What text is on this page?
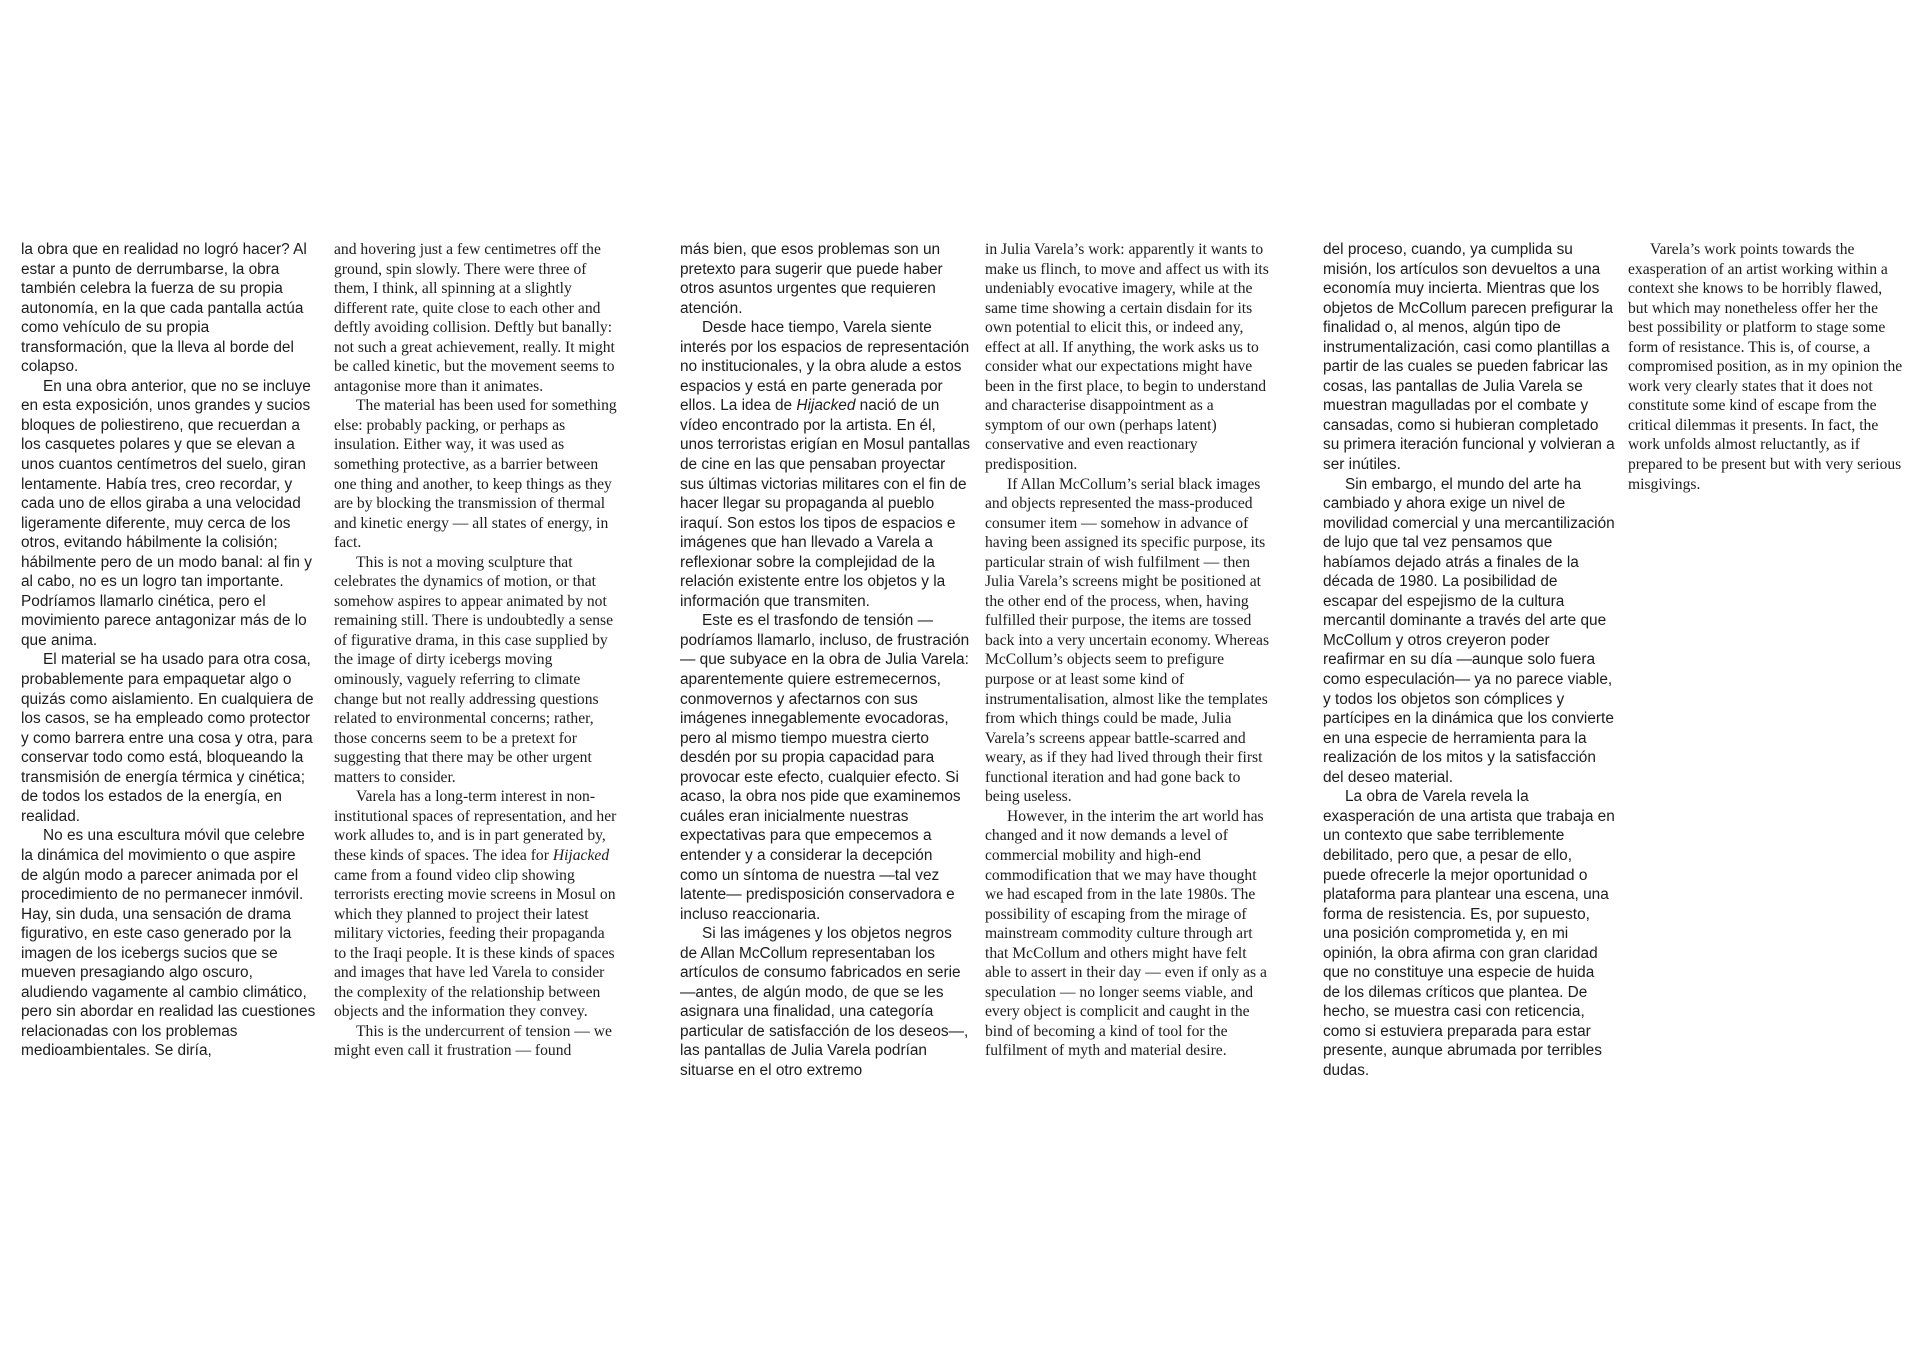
la obra que en realidad no logró hacer? Al estar a punto de derrumbarse, la obra también celebra la fuerza de su propia autonomía, en la que cada pantalla actúa como vehículo de su propia transformación, que la lleva al borde del colapso.

En una obra anterior, que no se incluye en esta exposición, unos grandes y sucios bloques de poliestireno, que recuerdan a los casquetes polares y que se elevan a unos cuantos centímetros del suelo, giran lentamente. Había tres, creo recordar, y cada uno de ellos giraba a una velocidad ligeramente diferente, muy cerca de los otros, evitando hábilmente la colisión; hábilmente pero de un modo banal: al fin y al cabo, no es un logro tan importante. Podríamos llamarlo cinética, pero el movimiento parece antagonizar más de lo que anima.

El material se ha usado para otra cosa, probablemente para empaquetar algo o quizás como aislamiento. En cualquiera de los casos, se ha empleado como protector y como barrera entre una cosa y otra, para conservar todo como está, bloqueando la transmisión de energía térmica y cinética; de todos los estados de la energía, en realidad.

No es una escultura móvil que celebre la dinámica del movimiento o que aspire de algún modo a parecer animada por el procedimiento de no permanecer inmóvil. Hay, sin duda, una sensación de drama figurativo, en este caso generado por la imagen de los icebergs sucios que se mueven presagiando algo oscuro, aludiendo vagamente al cambio climático, pero sin abordar en realidad las cuestiones relacionadas con los problemas medioambientales. Se diría,

and hovering just a few centimetres off the ground, spin slowly. There were three of them, I think, all spinning at a slightly different rate, quite close to each other and deftly avoiding collision. Deftly but banally: not such a great achievement, really. It might be called kinetic, but the movement seems to antagonise more than it animates.

The material has been used for something else: probably packing, or perhaps as insulation. Either way, it was used as something protective, as a barrier between one thing and another, to keep things as they are by blocking the transmission of thermal and kinetic energy — all states of energy, in fact.

This is not a moving sculpture that celebrates the dynamics of motion, or that somehow aspires to appear animated by not remaining still. There is undoubtedly a sense of figurative drama, in this case supplied by the image of dirty icebergs moving ominously, vaguely referring to climate change but not really addressing questions related to environmental concerns; rather, those concerns seem to be a pretext for suggesting that there may be other urgent matters to consider.

Varela has a long-term interest in non-institutional spaces of representation, and her work alludes to, and is in part generated by, these kinds of spaces. The idea for Hijacked came from a found video clip showing terrorists erecting movie screens in Mosul on which they planned to project their latest military victories, feeding their propaganda to the Iraqi people. It is these kinds of spaces and images that have led Varela to consider the complexity of the relationship between objects and the information they convey.

This is the undercurrent of tension — we might even call it frustration — found

más bien, que esos problemas son un pretexto para sugerir que puede haber otros asuntos urgentes que requieren atención.

Desde hace tiempo, Varela siente interés por los espacios de representación no institucionales, y la obra alude a estos espacios y está en parte generada por ellos. La idea de Hijacked nació de un vídeo encontrado por la artista. En él, unos terroristas erigían en Mosul pantallas de cine en las que pensaban proyectar sus últimas victorias militares con el fin de hacer llegar su propaganda al pueblo iraquí. Son estos los tipos de espacios e imágenes que han llevado a Varela a reflexionar sobre la complejidad de la relación existente entre los objetos y la información que transmiten.

Este es el trasfondo de tensión —podríamos llamarlo, incluso, de frustración— que subyace en la obra de Julia Varela: aparentemente quiere estremecernos, conmovernos y afectarnos con sus imágenes innegablemente evocadoras, pero al mismo tiempo muestra cierto desdén por su propia capacidad para provocar este efecto, cualquier efecto. Si acaso, la obra nos pide que examinemos cuáles eran inicialmente nuestras expectativas para que empecemos a entender y a considerar la decepción como un síntoma de nuestra —tal vez latente— predisposición conservadora e incluso reaccionaria.

Si las imágenes y los objetos negros de Allan McCollum representaban los artículos de consumo fabricados en serie —antes, de algún modo, de que se les asignara una finalidad, una categoría particular de satisfacción de los deseos—, las pantallas de Julia Varela podrían situarse en el otro extremo

in Julia Varela’s work: apparently it wants to make us flinch, to move and affect us with its undeniably evocative imagery, while at the same time showing a certain disdain for its own potential to elicit this, or indeed any, effect at all. If anything, the work asks us to consider what our expectations might have been in the first place, to begin to understand and characterise disappointment as a symptom of our own (perhaps latent) conservative and even reactionary predisposition.

If Allan McCollum’s serial black images and objects represented the mass-produced consumer item — somehow in advance of having been assigned its specific purpose, its particular strain of wish fulfilment — then Julia Varela’s screens might be positioned at the other end of the process, when, having fulfilled their purpose, the items are tossed back into a very uncertain economy. Whereas McCollum’s objects seem to prefigure purpose or at least some kind of instrumentalisation, almost like the templates from which things could be made, Julia Varela’s screens appear battle-scarred and weary, as if they had lived through their first functional iteration and had gone back to being useless.

However, in the interim the art world has changed and it now demands a level of commercial mobility and high-end commodification that we may have thought we had escaped from in the late 1980s. The possibility of escaping from the mirage of mainstream commodity culture through art that McCollum and others might have felt able to assert in their day — even if only as a speculation — no longer seems viable, and every object is complicit and caught in the bind of becoming a kind of tool for the fulfilment of myth and material desire.

del proceso, cuando, ya cumplida su misión, los artículos son devueltos a una economía muy incierta. Mientras que los objetos de McCollum parecen prefigurar la finalidad o, al menos, algún tipo de instrumentalización, casi como plantillas a partir de las cuales se pueden fabricar las cosas, las pantallas de Julia Varela se muestran magulladas por el combate y cansadas, como si hubieran completado su primera iteración funcional y volvieran a ser inútiles.

Sin embargo, el mundo del arte ha cambiado y ahora exige un nivel de movilidad comercial y una mercantilización de lujo que tal vez pensamos que habíamos dejado atrás a finales de la década de 1980. La posibilidad de escapar del espejismo de la cultura mercantil dominante a través del arte que McCollum y otros creyeron poder reafirmar en su día —aunque solo fuera como especulación— ya no parece viable, y todos los objetos son cómplices y partícipes en la dinámica que los convierte en una especie de herramienta para la realización de los mitos y la satisfacción del deseo material.

La obra de Varela revela la exasperación de una artista que trabaja en un contexto que sabe terriblemente debilitado, pero que, a pesar de ello, puede ofrecerle la mejor oportunidad o plataforma para plantear una escena, una forma de resistencia. Es, por supuesto, una posición comprometida y, en mi opinión, la obra afirma con gran claridad que no constituye una especie de huida de los dilemas críticos que plantea. De hecho, se muestra casi con reticencia, como si estuviera preparada para estar presente, aunque abrumada por terribles dudas.

Varela’s work points towards the exasperation of an artist working within a context she knows to be horribly flawed, but which may nonetheless offer her the best possibility or platform to stage some form of resistance. This is, of course, a compromised position, as in my opinion the work very clearly states that it does not constitute some kind of escape from the critical dilemmas it presents. In fact, the work unfolds almost reluctantly, as if prepared to be present but with very serious misgivings.
